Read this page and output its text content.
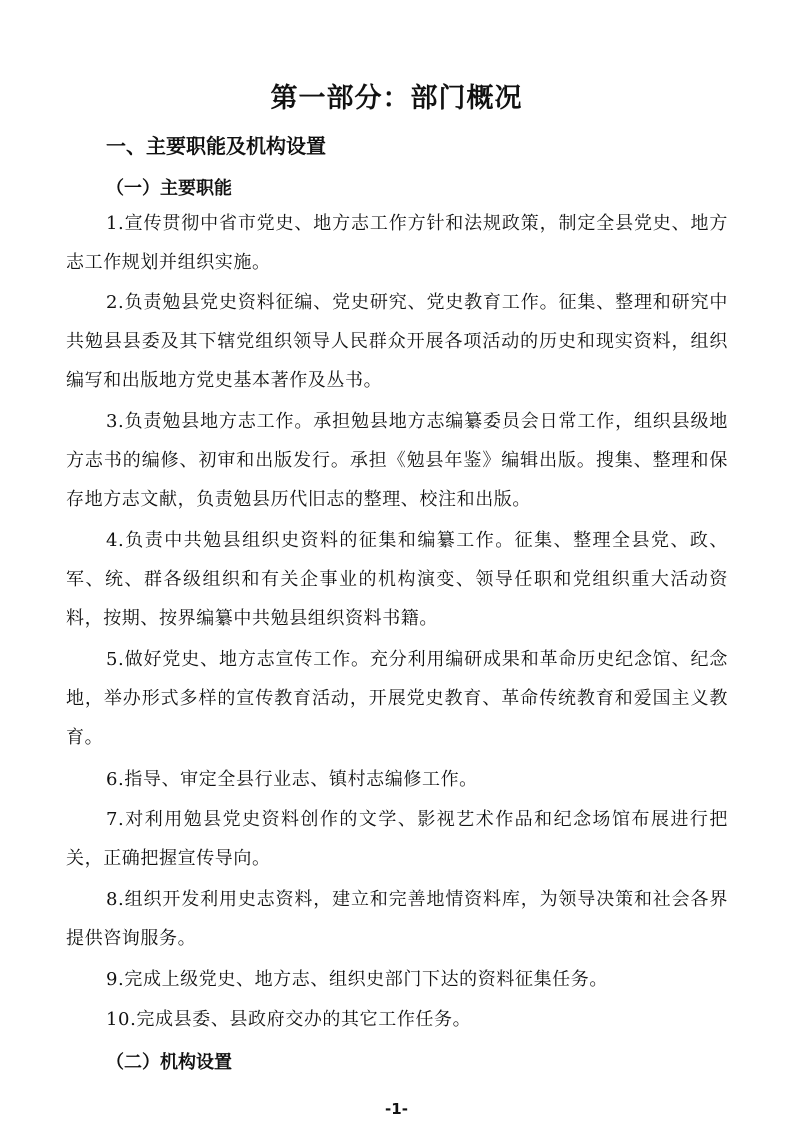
第一部分：部门概况
一、主要职能及机构设置
（一）主要职能

1.宣传贯彻中省市党史、地方志工作方针和法规政策，制定全县党史、地方志工作规划并组织实施。

2.负责勉县党史资料征编、党史研究、党史教育工作。征集、整理和研究中共勉县县委及其下辖党组织领导人民群众开展各项活动的历史和现实资料，组织编写和出版地方党史基本著作及丛书。

3.负责勉县地方志工作。承担勉县地方志编纂委员会日常工作，组织县级地方志书的编修、初审和出版发行。承担《勉县年鉴》编辑出版。搜集、整理和保存地方志文献，负责勉县历代旧志的整理、校注和出版。

4.负责中共勉县组织史资料的征集和编纂工作。征集、整理全县党、政、军、统、群各级组织和有关企事业的机构演变、领导任职和党组织重大活动资料，按期、按界编纂中共勉县组织资料书籍。

5.做好党史、地方志宣传工作。充分利用编研成果和革命历史纪念馆、纪念地，举办形式多样的宣传教育活动，开展党史教育、革命传统教育和爱国主义教育。

6.指导、审定全县行业志、镇村志编修工作。

7.对利用勉县党史资料创作的文学、影视艺术作品和纪念场馆布展进行把关，正确把握宣传导向。

8.组织开发利用史志资料，建立和完善地情资料库，为领导决策和社会各界提供咨询服务。

9.完成上级党史、地方志、组织史部门下达的资料征集任务。

10.完成县委、县政府交办的其它工作任务。

（二）机构设置
-1-
